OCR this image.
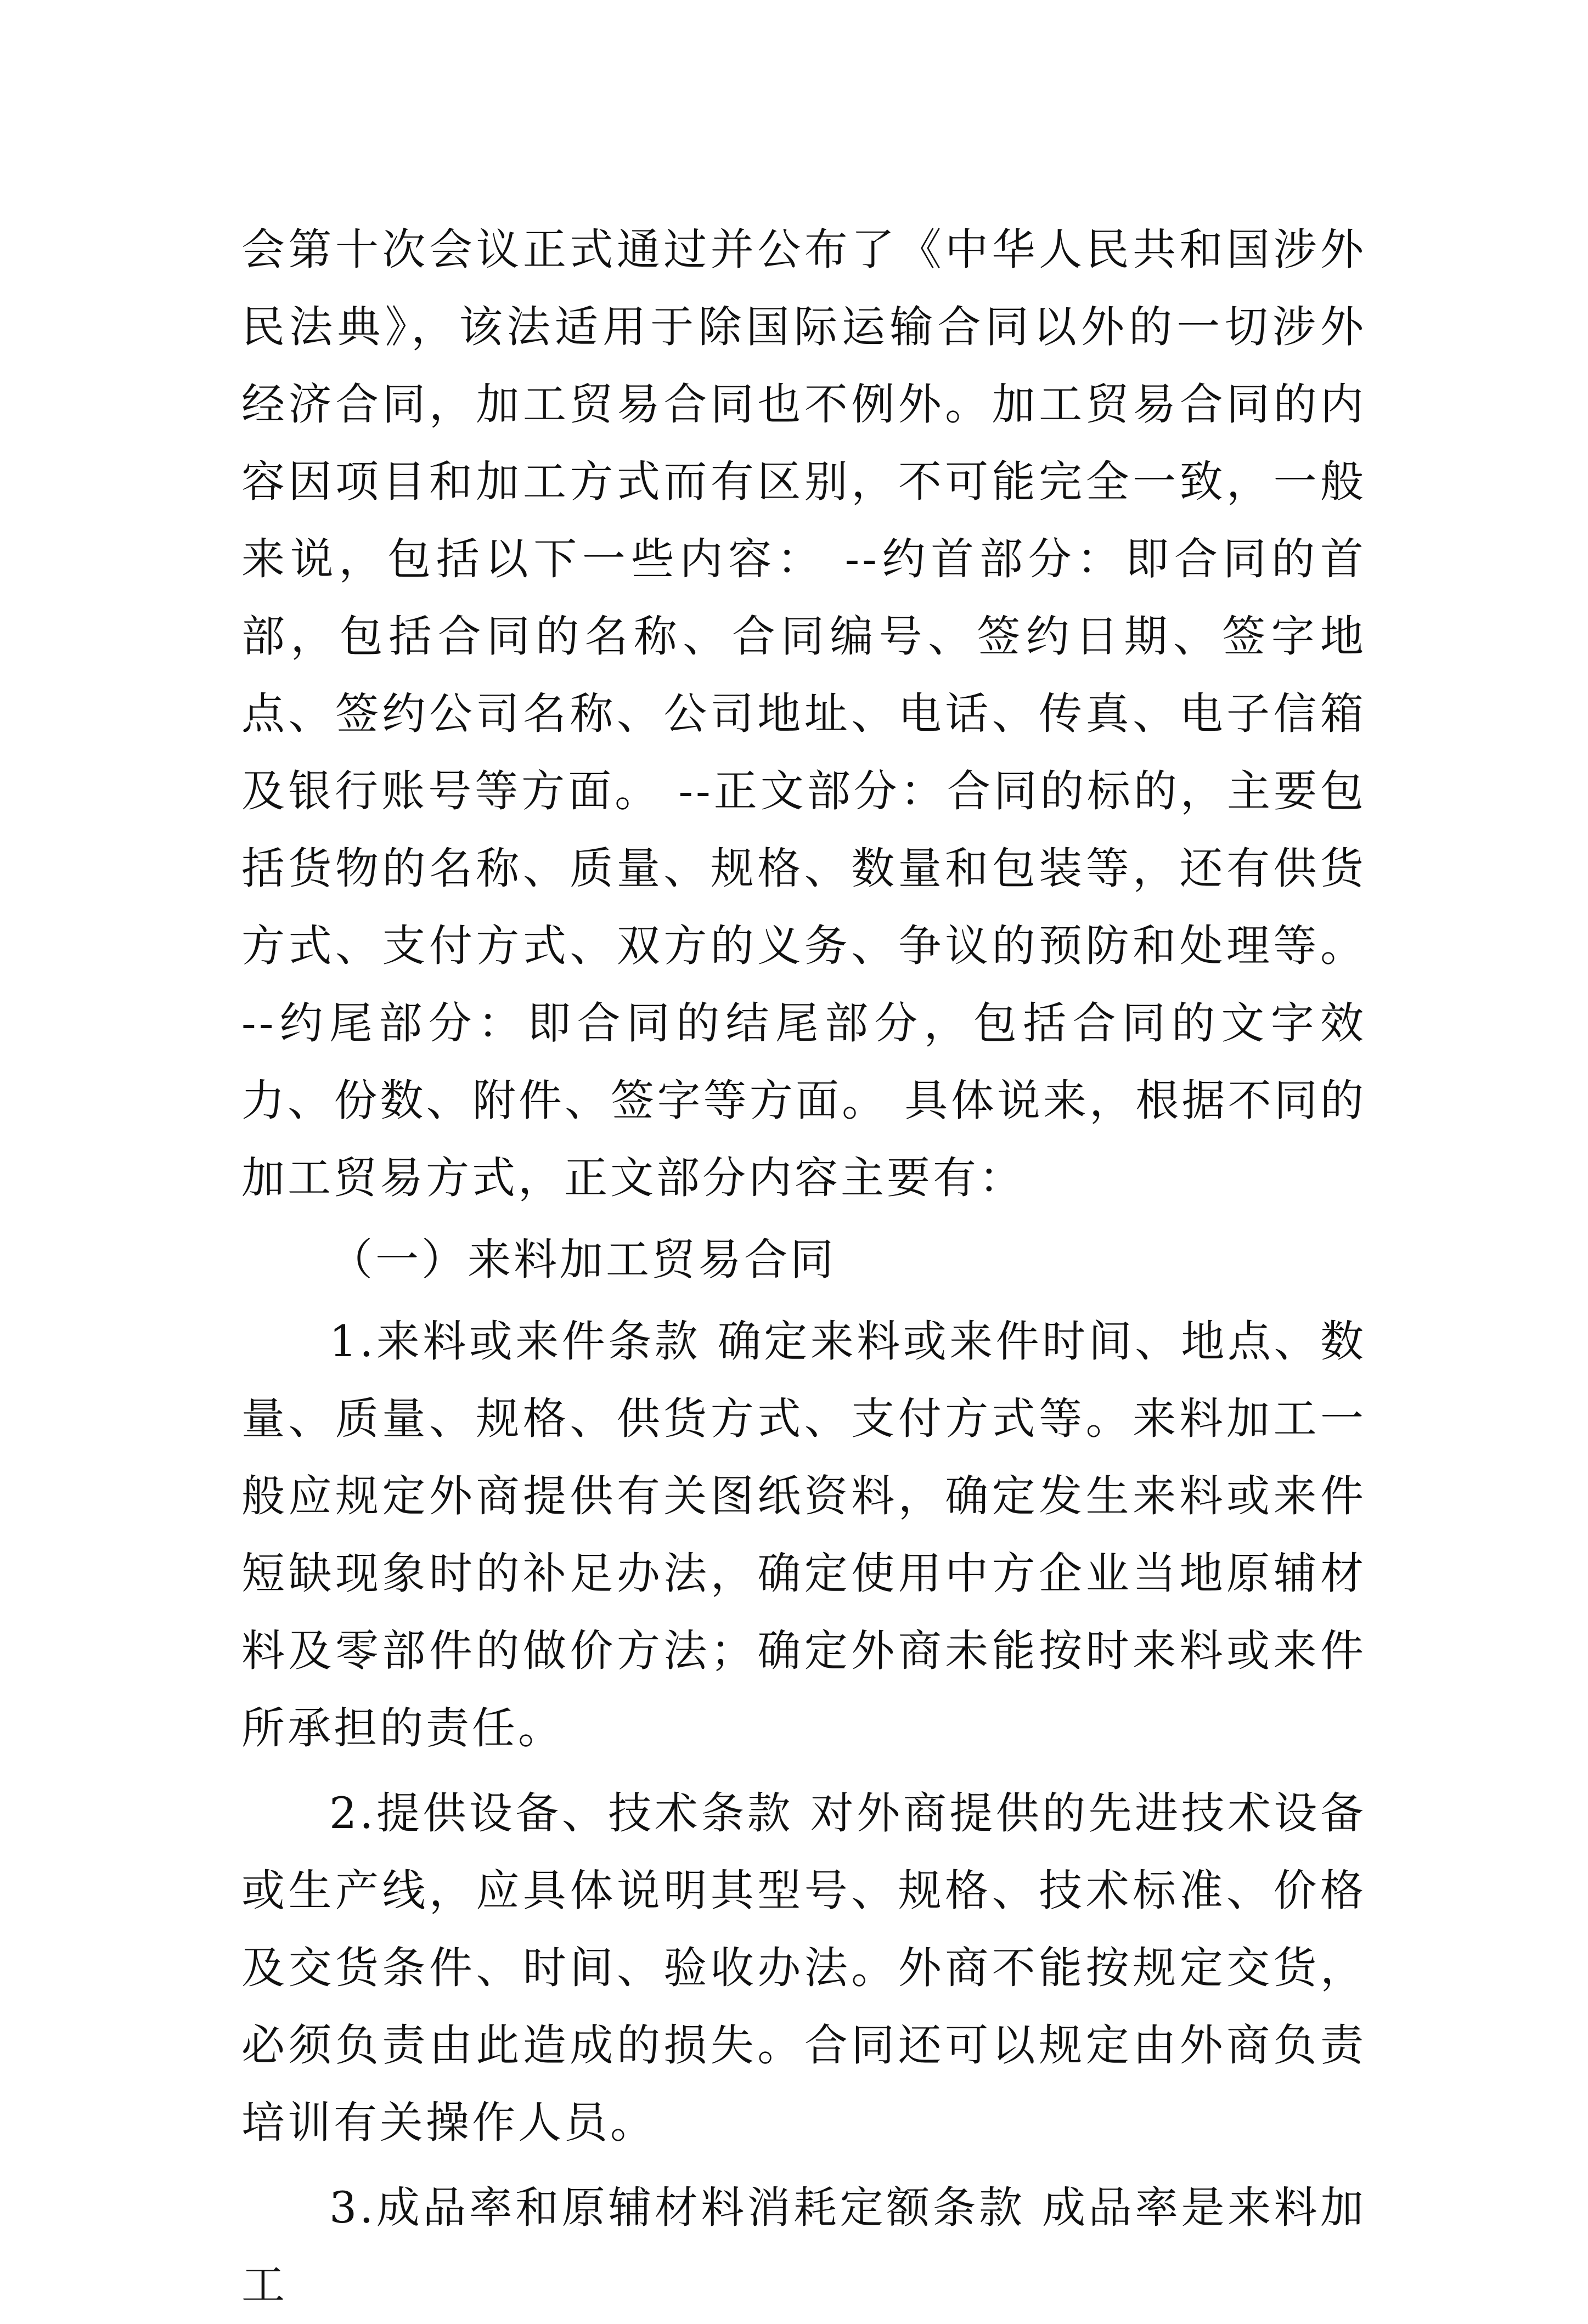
会第十次会议正式通过并公布了《中华人民共和国涉外民法典》，该法适用于除国际运输合同以外的一切涉外经济合同，加工贸易合同也不例外。加工贸易合同的内容因项目和加工方式而有区别，不可能完全一致，一般来说，包括以下一些内容： --约首部分：即合同的首部，包括合同的名称、合同编号、签约日期、签字地点、签约公司名称、公司地址、电话、传真、电子信箱及银行账号等方面。 --正文部分：合同的标的，主要包括货物的名称、质量、规格、数量和包装等，还有供货方式、支付方式、双方的义务、争议的预防和处理等。 --约尾部分：即合同的结尾部分，包括合同的文字效力、份数、附件、签字等方面。 具体说来，根据不同的加工贸易方式，正文部分内容主要有：

（一）来料加工贸易合同

1.来料或来件条款 确定来料或来件时间、地点、数量、质量、规格、供货方式、支付方式等。来料加工一般应规定外商提供有关图纸资料，确定发生来料或来件短缺现象时的补足办法，确定使用中方企业当地原辅材料及零部件的做价方法；确定外商未能按时来料或来件所承担的责任。

2.提供设备、技术条款 对外商提供的先进技术设备或生产线，应具体说明其型号、规格、技术标准、价格及交货条件、时间、验收办法。外商不能按规定交货，必须负责由此造成的损失。合同还可以规定由外商负责培训有关操作人员。

3.成品率和原辅材料消耗定额条款 成品率是来料加工
